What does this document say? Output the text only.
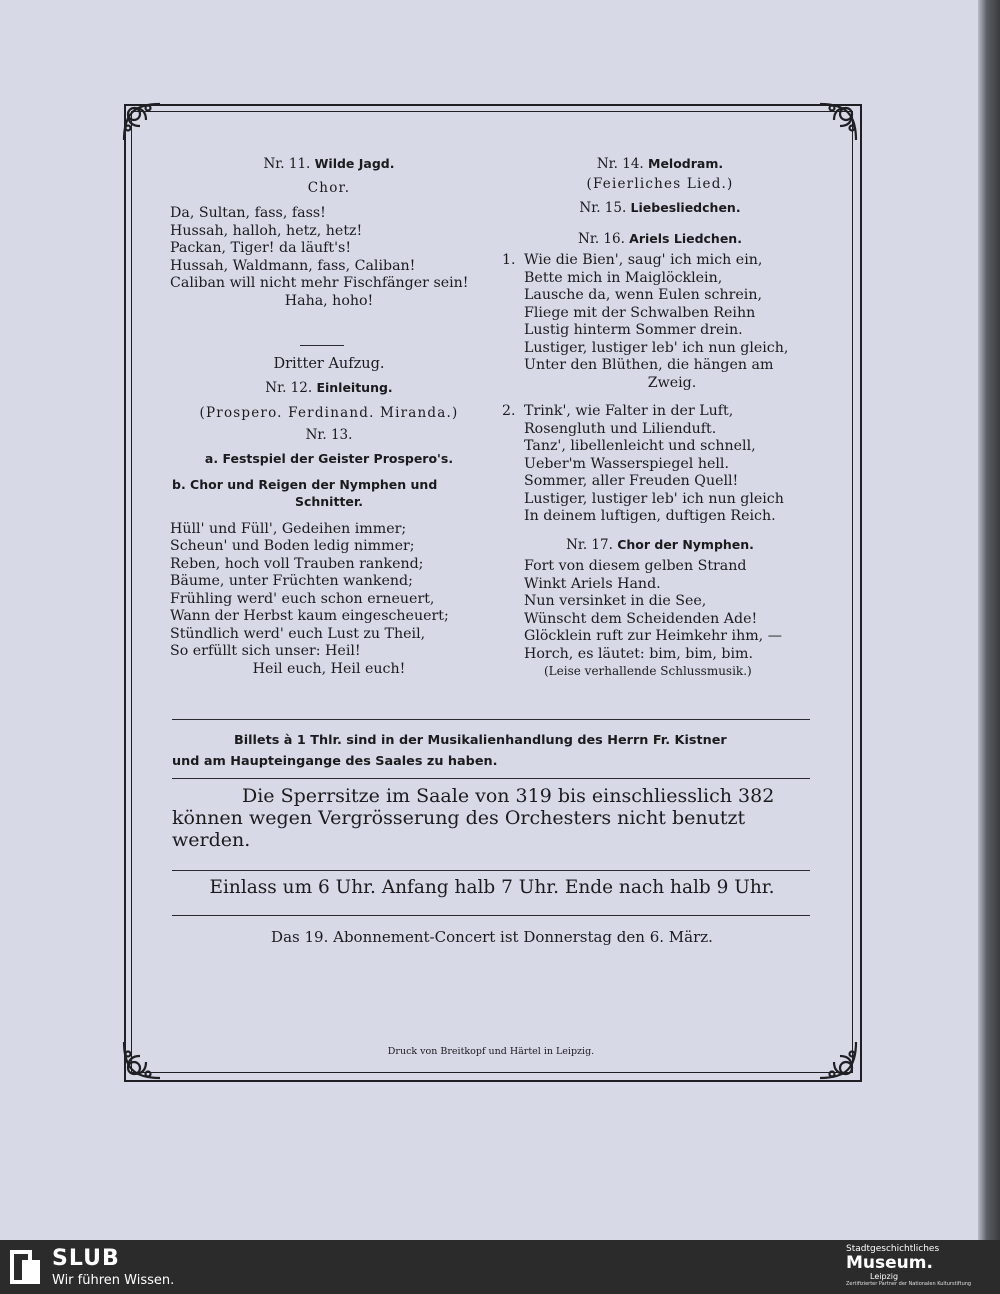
Nr. 11. Wilde Jagd.
Chor.
Da, Sultan, fass, fass!
Hussah, halloh, hetz, hetz!
Packan, Tiger! da läuft's!
Hussah, Waldmann, fass, Caliban!
Caliban will nicht mehr Fischfänger sein!
Haha, hoho!
Dritter Aufzug.
Nr. 12. Einleitung.
(Prospero. Ferdinand. Miranda.)
Nr. 13.
a. Festspiel der Geister Prospero's.
b. Chor und Reigen der Nymphen und
Schnitter.
Hüll' und Füll', Gedeihen immer;
Scheun' und Boden ledig nimmer;
Reben, hoch voll Trauben rankend;
Bäume, unter Früchten wankend;
Frühling werd' euch schon erneuert,
Wann der Herbst kaum eingescheuert;
Stündlich werd' euch Lust zu Theil,
So erfüllt sich unser: Heil!
Heil euch, Heil euch!
Nr. 14. Melodram.
(Feierliches Lied.)
Nr. 15. Liebesliedchen.
Nr. 16. Ariels Liedchen.
1. Wie die Bien', saug' ich mich ein,
Bette mich in Maiglöcklein,
Lausche da, wenn Eulen schrein,
Fliege mit der Schwalben Reihn
Lustig hinterm Sommer drein.
Lustiger, lustiger leb' ich nun gleich,
Unter den Blüthen, die hängen am
Zweig.
2. Trink', wie Falter in der Luft,
Rosengluth und Lilienduft.
Tanz', libellenleicht und schnell,
Ueber'm Wasserspiegel hell.
Sommer, aller Freuden Quell!
Lustiger, lustiger leb' ich nun gleich
In deinem luftigen, duftigen Reich.
Nr. 17. Chor der Nymphen.
Fort von diesem gelben Strand
Winkt Ariels Hand.
Nun versinket in die See,
Wünscht dem Scheidenden Ade!
Glöcklein ruft zur Heimkehr ihm, —
Horch, es läutet: bim, bim, bim.
(Leise verhallende Schlussmusik.)
Billets à 1 Thlr. sind in der Musikalienhandlung des Herrn Fr. Kistner
und am Haupteingange des Saales zu haben.
Die Sperrsitze im Saale von 319 bis einschliesslich 382
können wegen Vergrösserung des Orchesters nicht benutzt
werden.
Einlass um 6 Uhr. Anfang halb 7 Uhr. Ende nach halb 9 Uhr.
Das 19. Abonnement-Concert ist Donnerstag den 6. März.
Druck von Breitkopf und Härtel in Leipzig.
SLUB
Wir führen Wissen.
Stadtgeschichtliches
Museum.
Leipzig
Zertifizierter Partner der Nationalen Kulturstiftung
